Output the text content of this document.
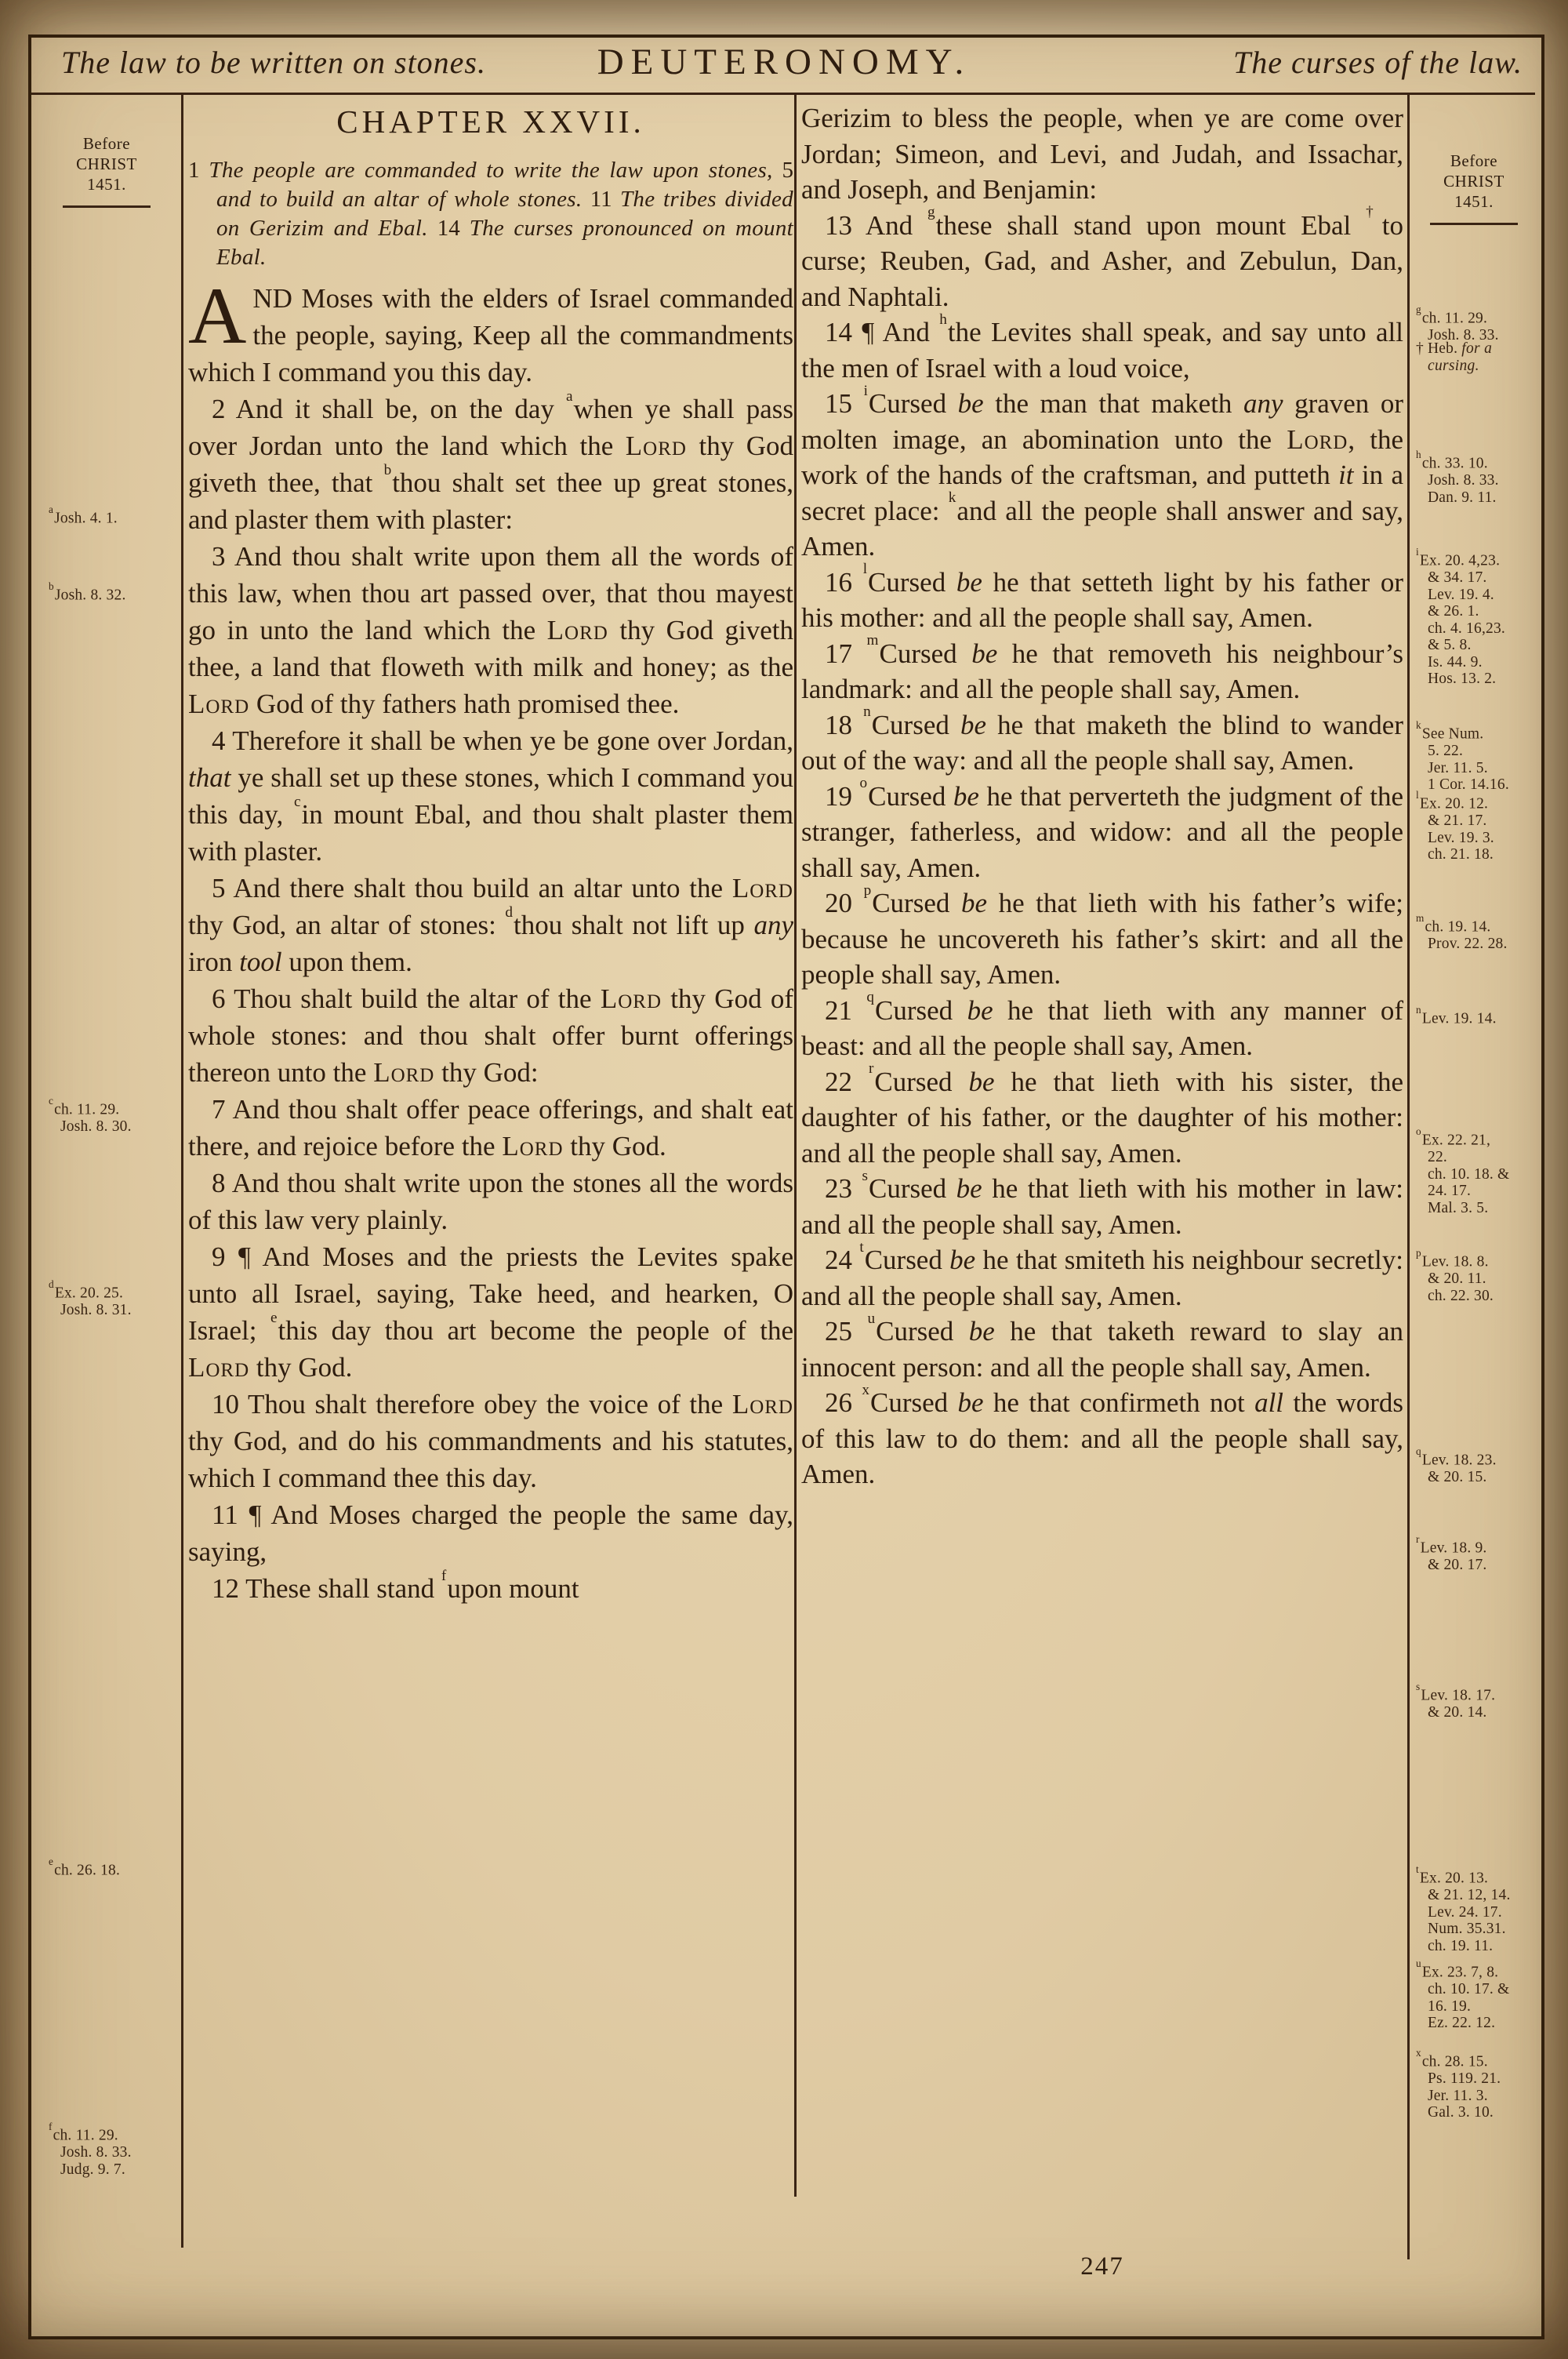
The law to be written on stones.	DEUTERONOMY.	The curses of the law.
Before
CHRIST
1451.
$^a$Josh. 4. 1.
$^b$Josh. 8. 32.
$^c$ch. 11. 29.
Josh. 8. 30.
$^d$Ex. 20. 25.
Josh. 8. 31.
$^e$ch. 26. 18.
$^f$ch. 11. 29.
Josh. 8. 33.
Judg. 9. 7.
Before
CHRIST
1451.
$^g$ch. 11. 29.
Josh. 8. 33.
† Heb. for a
cursing.
$^h$ch. 33. 10.
Josh. 8. 33.
Dan. 9. 11.
$^i$Ex. 20. 4,23.
& 34. 17.
Lev. 19. 4.
& 26. 1.
ch. 4. 16,23.
& 5. 8.
Is. 44. 9.
Hos. 13. 2.
$^k$See Num.
5. 22.
Jer. 11. 5.
1 Cor. 14.16.
$^l$Ex. 20. 12.
& 21. 17.
Lev. 19. 3.
ch. 21. 18.
$^m$ch. 19. 14.
Prov. 22. 28.
$^n$Lev. 19. 14.
$^o$Ex. 22. 21,
22.
ch. 10. 18. &
24. 17.
Mal. 3. 5.
$^p$Lev. 18. 8.
& 20. 11.
ch. 22. 30.
$^q$Lev. 18. 23.
& 20. 15.
$^r$Lev. 18. 9.
& 20. 17.
$^s$Lev. 18. 17.
& 20. 14.
$^t$Ex. 20. 13.
& 21. 12, 14.
Lev. 24. 17.
Num. 35.31.
ch. 19. 11.
$^u$Ex. 23. 7, 8.
ch. 10. 17. &
16. 19.
Ez. 22. 12.
$^x$ch. 28. 15.
Ps. 119. 21.
Jer. 11. 3.
Gal. 3. 10.
CHAPTER XXVII.

1 The people are commanded to write the law upon stones, 5 and to build an altar of whole stones. 11 The tribes divided on Gerizim and Ebal. 14 The curses pronounced on mount Ebal.

AND Moses with the elders of Israel commanded the people, saying, Keep all the commandments which I command you this day.

2 And it shall be, on the day $^a$when ye shall pass over Jordan unto the land which the Lord thy God giveth thee, that $^b$thou shalt set thee up great stones, and plaster them with plaster:

3 And thou shalt write upon them all the words of this law, when thou art passed over, that thou mayest go in unto the land which the Lord thy God giveth thee, a land that floweth with milk and honey; as the Lord God of thy fathers hath promised thee.

4 Therefore it shall be when ye be gone over Jordan, that ye shall set up these stones, which I command you this day, $^c$in mount Ebal, and thou shalt plaster them with plaster.

5 And there shalt thou build an altar unto the Lord thy God, an altar of stones: $^d$thou shalt not lift up any iron tool upon them.

6 Thou shalt build the altar of the Lord thy God of whole stones: and thou shalt offer burnt offerings thereon unto the Lord thy God:

7 And thou shalt offer peace offerings, and shalt eat there, and rejoice before the Lord thy God.

8 And thou shalt write upon the stones all the words of this law very plainly.

9 ¶ And Moses and the priests the Levites spake unto all Israel, saying, Take heed, and hearken, O Israel; $^e$this day thou art become the people of the Lord thy God.

10 Thou shalt therefore obey the voice of the Lord thy God, and do his commandments and his statutes, which I command thee this day.

11 ¶ And Moses charged the people the same day, saying,

12 These shall stand $^f$upon mount

Gerizim to bless the people, when ye are come over Jordan; Simeon, and Levi, and Judah, and Issachar, and Joseph, and Benjamin:

13 And $^g$these shall stand upon mount Ebal †to curse; Reuben, Gad, and Asher, and Zebulun, Dan, and Naphtali.

14 ¶ And $^h$the Levites shall speak, and say unto all the men of Israel with a loud voice,

15 $^i$Cursed be the man that maketh any graven or molten image, an abomination unto the Lord, the work of the hands of the craftsman, and putteth it in a secret place: $^k$and all the people shall answer and say, Amen.

16 $^l$Cursed be he that setteth light by his father or his mother: and all the people shall say, Amen.

17 $^m$Cursed be he that removeth his neighbour’s landmark: and all the people shall say, Amen.

18 $^n$Cursed be he that maketh the blind to wander out of the way: and all the people shall say, Amen.

19 $^o$Cursed be he that perverteth the judgment of the stranger, fatherless, and widow: and all the people shall say, Amen.

20 $^p$Cursed be he that lieth with his father’s wife; because he uncovereth his father’s skirt: and all the people shall say, Amen.

21 $^q$Cursed be he that lieth with any manner of beast: and all the people shall say, Amen.

22 $^r$Cursed be he that lieth with his sister, the daughter of his father, or the daughter of his mother: and all the people shall say, Amen.

23 $^s$Cursed be he that lieth with his mother in law: and all the people shall say, Amen.

24 $^t$Cursed be he that smiteth his neighbour secretly: and all the people shall say, Amen.

25 $^u$Cursed be he that taketh reward to slay an innocent person: and all the people shall say, Amen.

26 $^x$Cursed be he that confirmeth not all the words of this law to do them: and all the people shall say, Amen.

247
